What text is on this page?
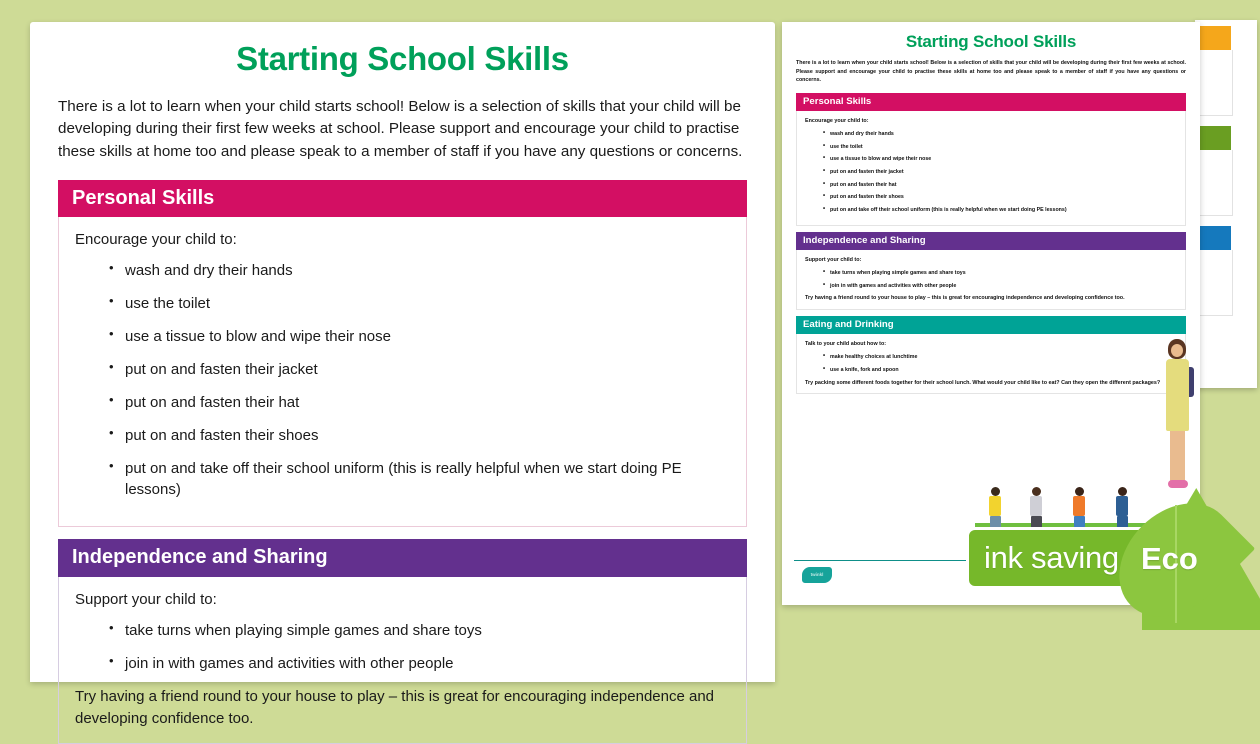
Starting School Skills
There is a lot to learn when your child starts school! Below is a selection of skills that your child will be developing during their first few weeks at school. Please support and encourage your child to practise these skills at home too and please speak to a member of staff if you have any questions or concerns.
Personal Skills
Encourage your child to:
• wash and dry their hands
• use the toilet
• use a tissue to blow and wipe their nose
• put on and fasten their jacket
• put on and fasten their hat
• put on and fasten their shoes
• put on and take off their school uniform (this is really helpful when we start doing PE lessons)
Independence and Sharing
Support your child to:
• take turns when playing simple games and share toys
• join in with games and activities with other people
Try having a friend round to your house to play – this is great for encouraging independence and developing confidence too.
Starting School Skills
There is a lot to learn when your child starts school! Below is a selection of skills that your child will be developing during their first few weeks at school. Please support and encourage your child to practise these skills at home too and please speak to a member of staff if you have any questions or concerns.
Personal Skills
Encourage your child to:
• wash and dry their hands
• use the toilet
• use a tissue to blow and wipe their nose
• put on and fasten their jacket
• put on and fasten their hat
• put on and fasten their shoes
• put on and take off their school uniform (this is really helpful when we start doing PE lessons)
Independence and Sharing
Support your child to:
• take turns when playing simple games and share toys
• join in with games and activities with other people
Try having a friend round to your house to play – this is great for encouraging independence and developing confidence too.
Eating and Drinking
Talk to your child about how to:
• make healthy choices at lunchtime
• use a knife, fork and spoon
Try packing some different foods together for their school lunch. What would your child like to eat? Can they open the different packages?
twinkl	ink saving Eco
